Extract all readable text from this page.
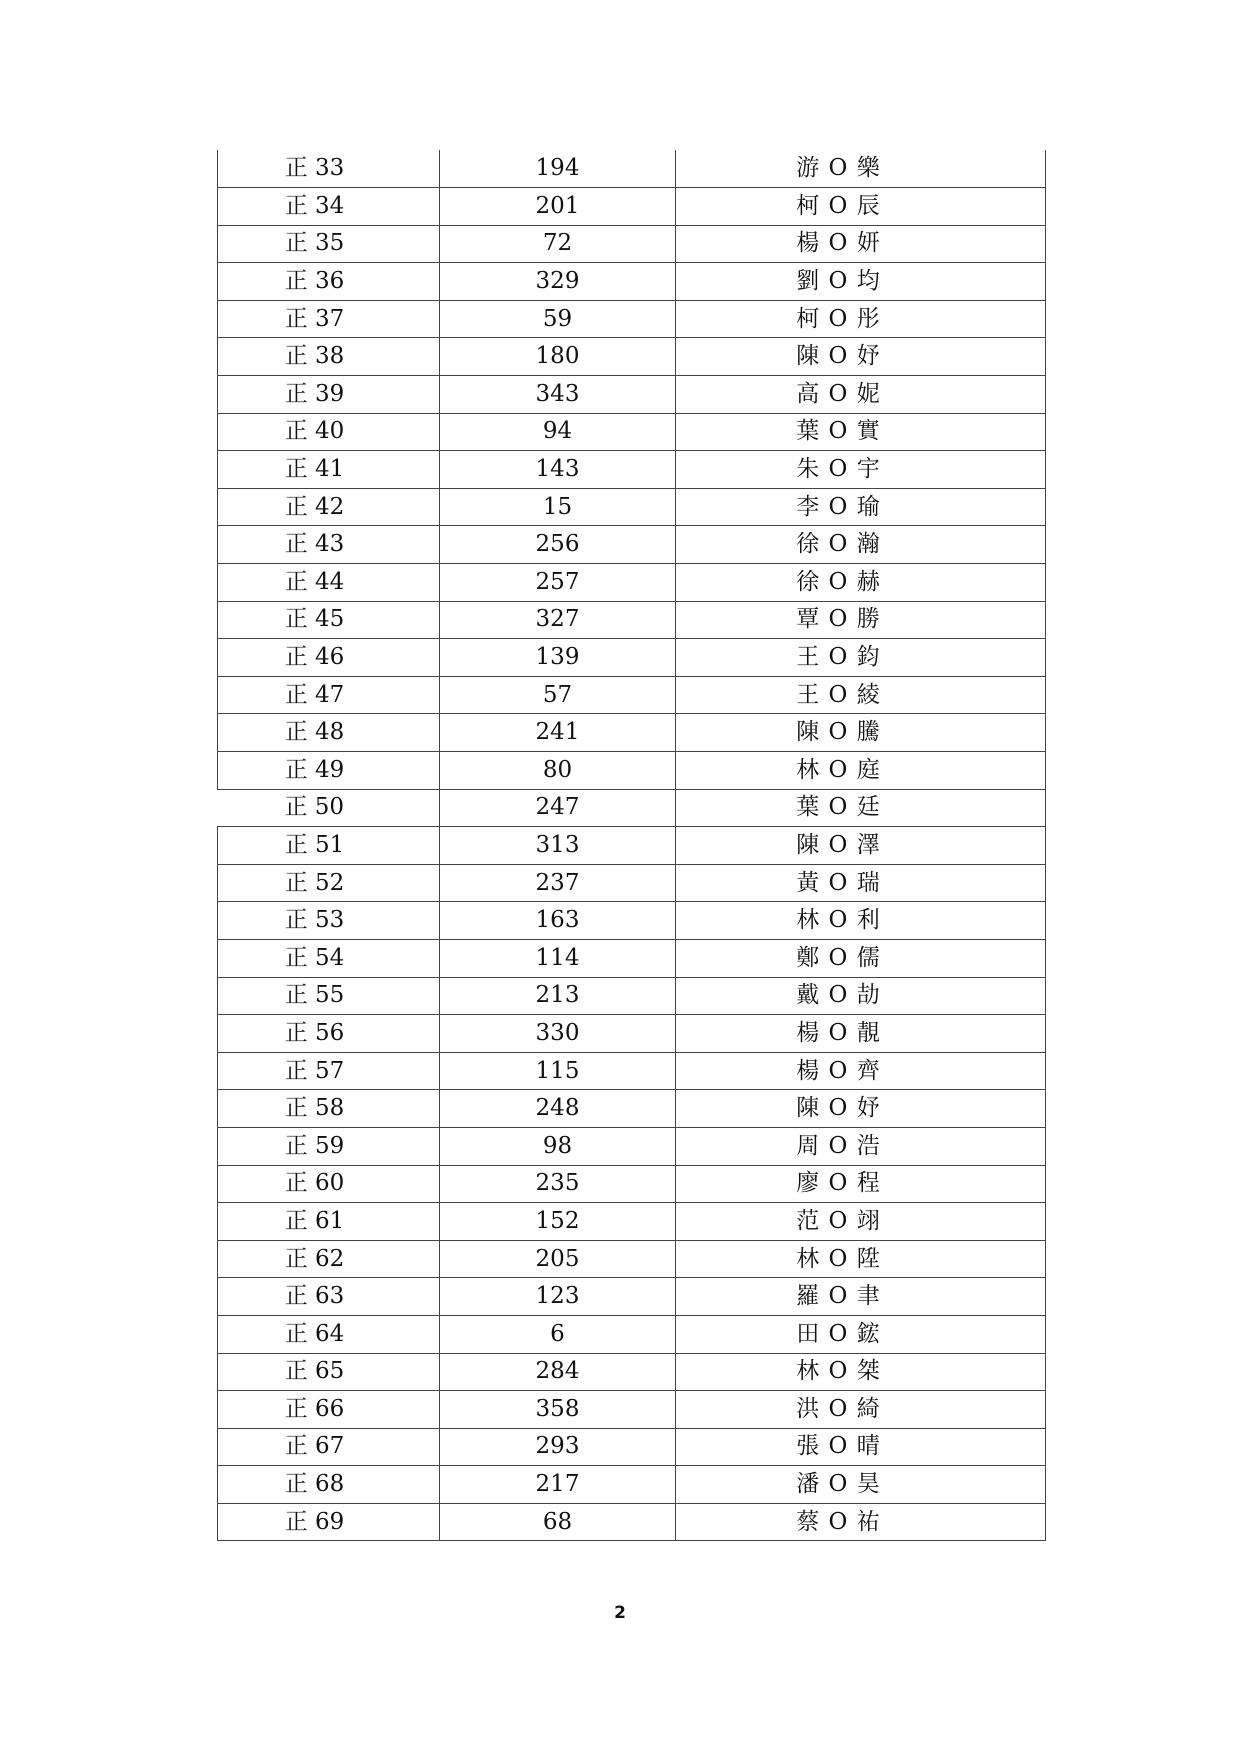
正 33	194	游 O 樂
正 34	201	柯 O 辰
正 35	72	楊 O 妍
正 36	329	劉 O 均
正 37	59	柯 O 彤
正 38	180	陳 O 妤
正 39	343	高 O 妮
正 40	94	葉 O 實
正 41	143	朱 O 宇
正 42	15	李 O 瑜
正 43	256	徐 O 瀚
正 44	257	徐 O 赫
正 45	327	覃 O 勝
正 46	139	王 O 鈞
正 47	57	王 O 綾
正 48	241	陳 O 騰
正 49	80	林 O 庭
正 50	247	葉 O 廷
正 51	313	陳 O 澤
正 52	237	黃 O 瑞
正 53	163	林 O 利
正 54	114	鄭 O 儒
正 55	213	戴 O 劼
正 56	330	楊 O 靚
正 57	115	楊 O 齊
正 58	248	陳 O 妤
正 59	98	周 O 浩
正 60	235	廖 O 程
正 61	152	范 O 翊
正 62	205	林 O 陞
正 63	123	羅 O 聿
正 64	6	田 O 鋐
正 65	284	林 O 桀
正 66	358	洪 O 綺
正 67	293	張 O 晴
正 68	217	潘 O 昊
正 69	68	蔡 O 祐
2
